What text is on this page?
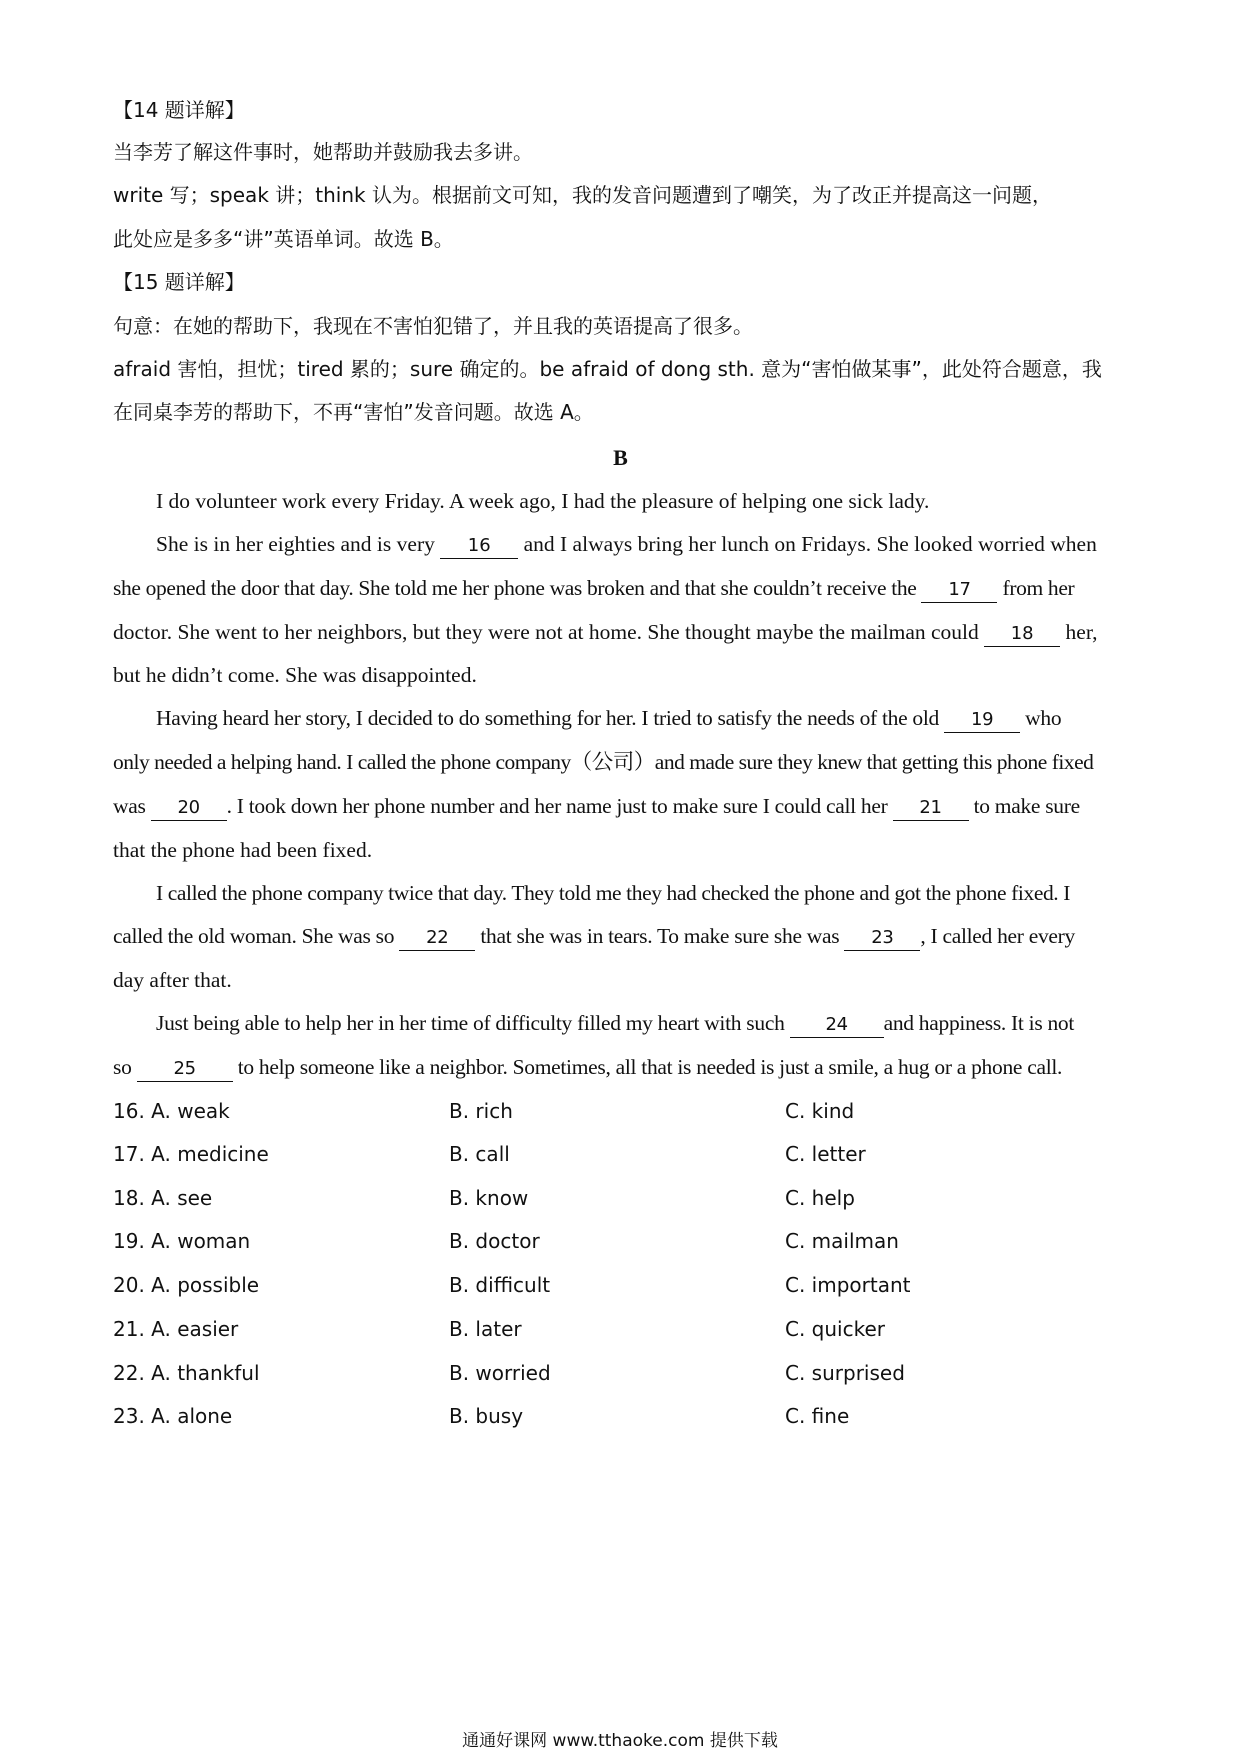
【14 题详解】
当李芳了解这件事时，她帮助并鼓励我去多讲。
write 写；speak 讲；think 认为。根据前文可知，我的发音问题遭到了嘲笑，为了改正并提高这一问题，
此处应是多多“讲”英语单词。故选 B。
【15 题详解】
句意：在她的帮助下，我现在不害怕犯错了，并且我的英语提高了很多。
afraid 害怕，担忧；tired 累的；sure 确定的。be afraid of dong sth. 意为“害怕做某事”，此处符合题意，我
在同桌李芳的帮助下，不再“害怕”发音问题。故选 A。
B
I do volunteer work every Friday. A week ago, I had the pleasure of helping one sick lady.
She is in her eighties and is very 16 and I always bring her lunch on Fridays. She looked worried when
she opened the door that day. She told me her phone was broken and that she couldn’t receive the 17 from her
doctor. She went to her neighbors, but they were not at home. She thought maybe the mailman could 18 her,
but he didn’t come. She was disappointed.
Having heard her story, I decided to do something for her. I tried to satisfy the needs of the old 19 who
only needed a helping hand. I called the phone company（公司）and made sure they knew that getting this phone fixed
was 20 . I took down her phone number and her name just to make sure I could call her 21 to make sure
that the phone had been fixed.
I called the phone company twice that day. They told me they had checked the phone and got the phone fixed. I
called the old woman. She was so 22 that she was in tears. To make sure she was 23 , I called her every
day after that.
Just being able to help her in her time of difficulty filled my heart with such 24 and happiness. It is not
so 25 to help someone like a neighbor. Sometimes, all that is needed is just a smile, a hug or a phone call.
16. A. weak	B. rich	C. kind
17. A. medicine	B. call	C. letter
18. A. see	B. know	C. help
19. A. woman	B. doctor	C. mailman
20. A. possible	B. difficult	C. important
21. A. easier	B. later	C. quicker
22. A. thankful	B. worried	C. surprised
23. A. alone	B. busy	C. fine
通通好课网 www.tthaoke.com 提供下载
